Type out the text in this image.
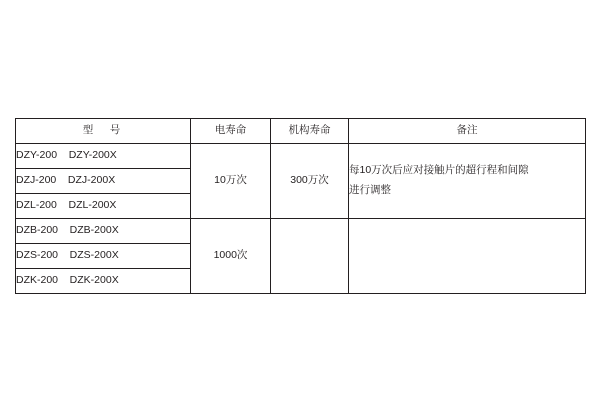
型　号	电寿命	机构寿命	备注
DZY-200    DZY-200X	10万次	300万次	每10万次后应对接触片的超行程和间隙
进行调整

DZJ-200    DZJ-200X			
DZL-200    DZL-200X			
DZB-200    DZB-200X	1000次		
DZS-200    DZS-200X			
DZK-200    DZK-200X			
